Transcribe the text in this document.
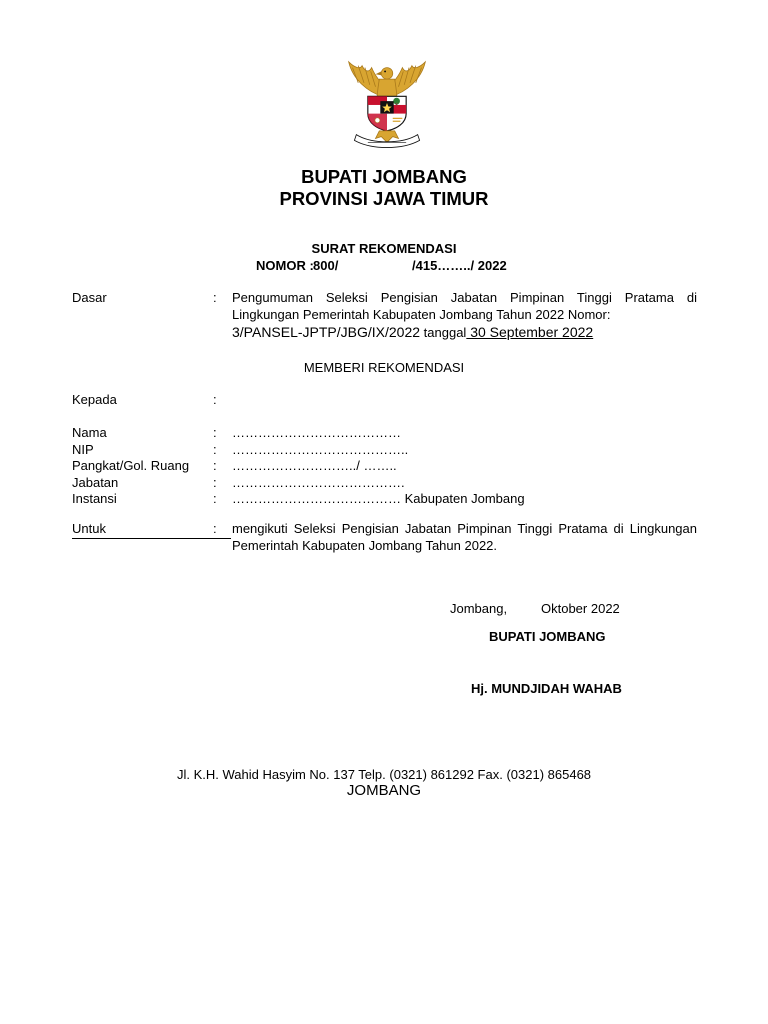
BUPATI JOMBANG
PROVINSI JAWA TIMUR
SURAT REKOMENDASI
NOMOR : 800/	/415……../ 2022
Dasar	: Pengumuman Seleksi Pengisian Jabatan Pimpinan Tinggi Pratama di Lingkungan Pemerintah Kabupaten Jombang Tahun 2022 Nomor:
3/PANSEL-JPTP/JBG/IX/2022 tanggal 30 September 2022
MEMBERI REKOMENDASI
Kepada	:
Nama	: …………………………………
NIP	: …………………………………..
Pangkat/Gol. Ruang : ………………………../ ……..
Jabatan	: ………………………………….
Instansi	: ………………………………… Kabupaten Jombang
Untuk	: mengikuti Seleksi Pengisian Jabatan Pimpinan Tinggi Pratama di Lingkungan Pemerintah Kabupaten Jombang Tahun 2022.
Jombang,	Oktober 2022
BUPATI JOMBANG
Hj. MUNDJIDAH WAHAB
Jl. K.H. Wahid Hasyim No. 137 Telp. (0321) 861292 Fax. (0321) 865468
JOMBANG
